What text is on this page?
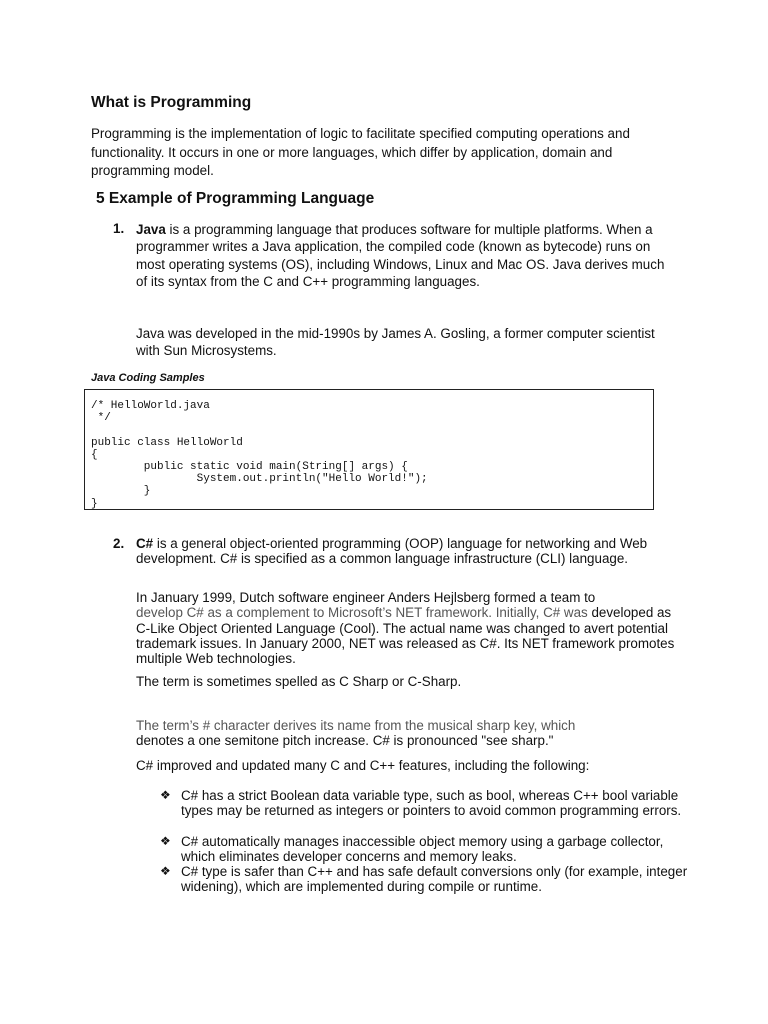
What is Programming

Programming is the implementation of logic to facilitate specified computing operations and functionality. It occurs in one or more languages, which differ by application, domain and programming model.

5 Example of Programming Language
1. Java is a programming language that produces software for multiple platforms. When a programmer writes a Java application, the compiled code (known as bytecode) runs on most operating systems (OS), including Windows, Linux and Mac OS. Java derives much of its syntax from the C and C++ programming languages.

Java was developed in the mid-1990s by James A. Gosling, a former computer scientist with Sun Microsystems.

Java Coding Samples

/* HelloWorld.java
*/

public class HelloWorld
{
public static void main(String[] args) {
System.out.println("Hello World!");
}
}
2. C# is a general object-oriented programming (OOP) language for networking and Web development. C# is specified as a common language infrastructure (CLI) language.

In January 1999, Dutch software engineer Anders Hejlsberg formed a team to
develop C# as a complement to Microsoft’s NET framework. Initially, C# was developed as C-Like Object Oriented Language (Cool). The actual name was changed to avert potential trademark issues. In January 2000, NET was released as C#. Its NET framework promotes multiple Web technologies.

The term is sometimes spelled as C Sharp or C-Sharp.

The term’s # character derives its name from the musical sharp key, which
denotes a one semitone pitch increase. C# is pronounced "see sharp."

C# improved and updated many C and C++ features, including the following:

❖ C# has a strict Boolean data variable type, such as bool, whereas C++ bool variable types may be returned as integers or pointers to avoid common programming errors.

❖ C# automatically manages inaccessible object memory using a garbage collector, which eliminates developer concerns and memory leaks.

❖ C# type is safer than C++ and has safe default conversions only (for example, integer widening), which are implemented during compile or runtime.
